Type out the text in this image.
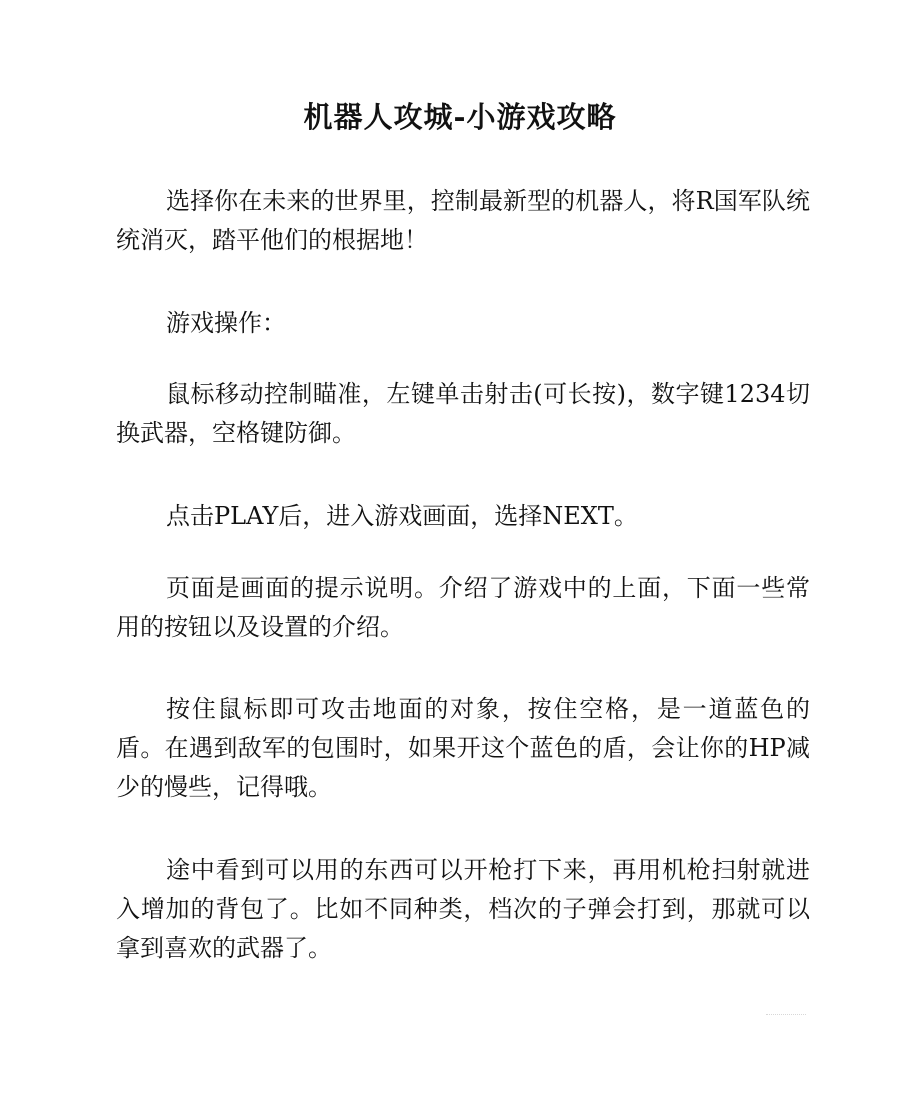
机器人攻城-小游戏攻略

选择你在未来的世界里，控制最新型的机器人，将R国军队统统消灭，踏平他们的根据地！

游戏操作：

鼠标移动控制瞄准，左键单击射击(可长按)，数字键1234切换武器，空格键防御。

点击PLAY后，进入游戏画面，选择NEXT。

页面是画面的提示说明。介绍了游戏中的上面，下面一些常用的按钮以及设置的介绍。

按住鼠标即可攻击地面的对象，按住空格，是一道蓝色的盾。在遇到敌军的包围时，如果开这个蓝色的盾，会让你的HP减少的慢些，记得哦。

途中看到可以用的东西可以开枪打下来，再用机枪扫射就进入增加的背包了。比如不同种类，档次的子弹会打到，那就可以拿到喜欢的武器了。
